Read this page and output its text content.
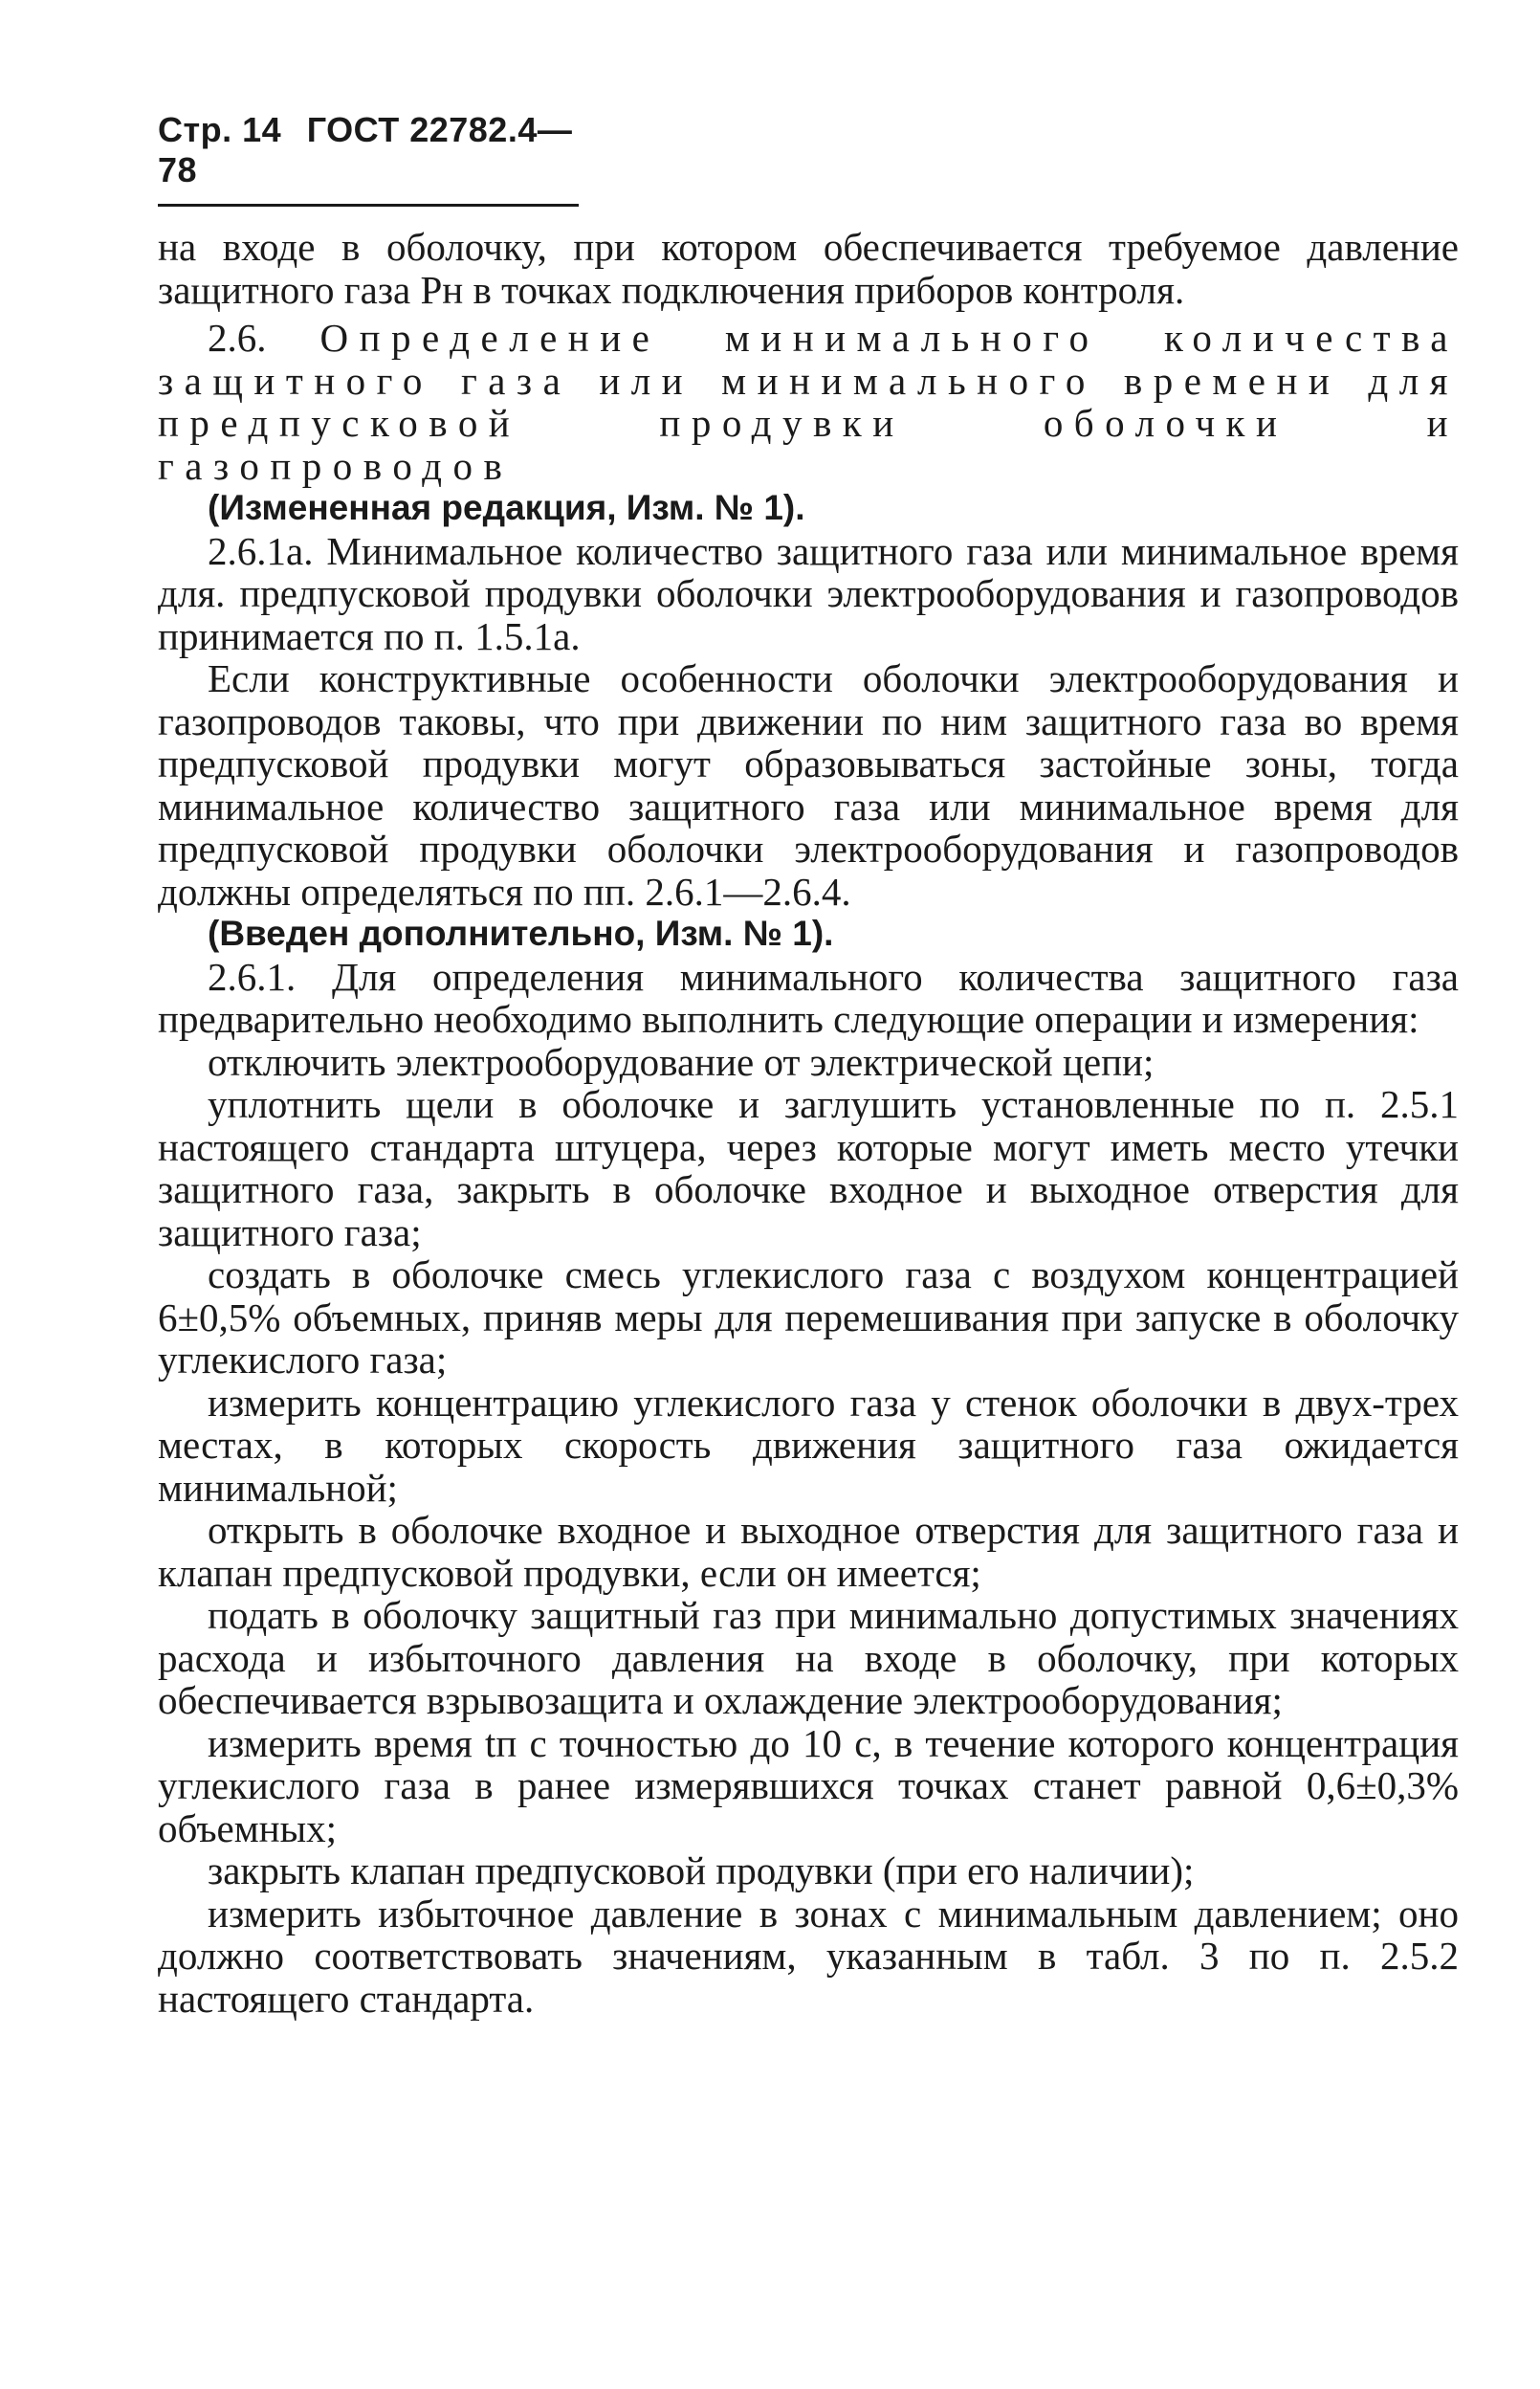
Стр. 14 ГОСТ 22782.4—78

на входе в оболочку, при котором обеспечивается требуемое давление защитного газа Pн в точках подключения приборов контроля.

2.6. Определение минимального количества защитного газа или минимального времени для предпусковой продувки оболочки и газопроводов

(Измененная редакция, Изм. № 1).

2.6.1а. Минимальное количество защитного газа или минимальное время для. предпусковой продувки оболочки электрооборудования и газопроводов принимается по п. 1.5.1а.

Если конструктивные особенности оболочки электрооборудования и газопроводов таковы, что при движении по ним защитного газа во время предпусковой продувки могут образовываться застойные зоны, тогда минимальное количество защитного газа или минимальное время для предпусковой продувки оболочки электрооборудования и газопроводов должны определяться по пп. 2.6.1—2.6.4.

(Введен дополнительно, Изм. № 1).

2.6.1. Для определения минимального количества защитного газа предварительно необходимо выполнить следующие операции и измерения:

отключить электрооборудование от электрической цепи;

уплотнить щели в оболочке и заглушить установленные по п. 2.5.1 настоящего стандарта штуцера, через которые могут иметь место утечки защитного газа, закрыть в оболочке входное и выходное отверстия для защитного газа;

создать в оболочке смесь углекислого газа с воздухом концентрацией 6±0,5% объемных, приняв меры для перемешивания при запуске в оболочку углекислого газа;

измерить концентрацию углекислого газа у стенок оболочки в двух-трех местах, в которых скорость движения защитного газа ожидается минимальной;

открыть в оболочке входное и выходное отверстия для защитного газа и клапан предпусковой продувки, если он имеется;

подать в оболочку защитный газ при минимально допустимых значениях расхода и избыточного давления на входе в оболочку, при которых обеспечивается взрывозащита и охлаждение электрооборудования;

измерить время tп с точностью до 10 с, в течение которого концентрация углекислого газа в ранее измерявшихся точках станет равной 0,6±0,3% объемных;

закрыть клапан предпусковой продувки (при его наличии);

измерить избыточное давление в зонах с минимальным давлением; оно должно соответствовать значениям, указанным в табл. 3 по п. 2.5.2 настоящего стандарта.
